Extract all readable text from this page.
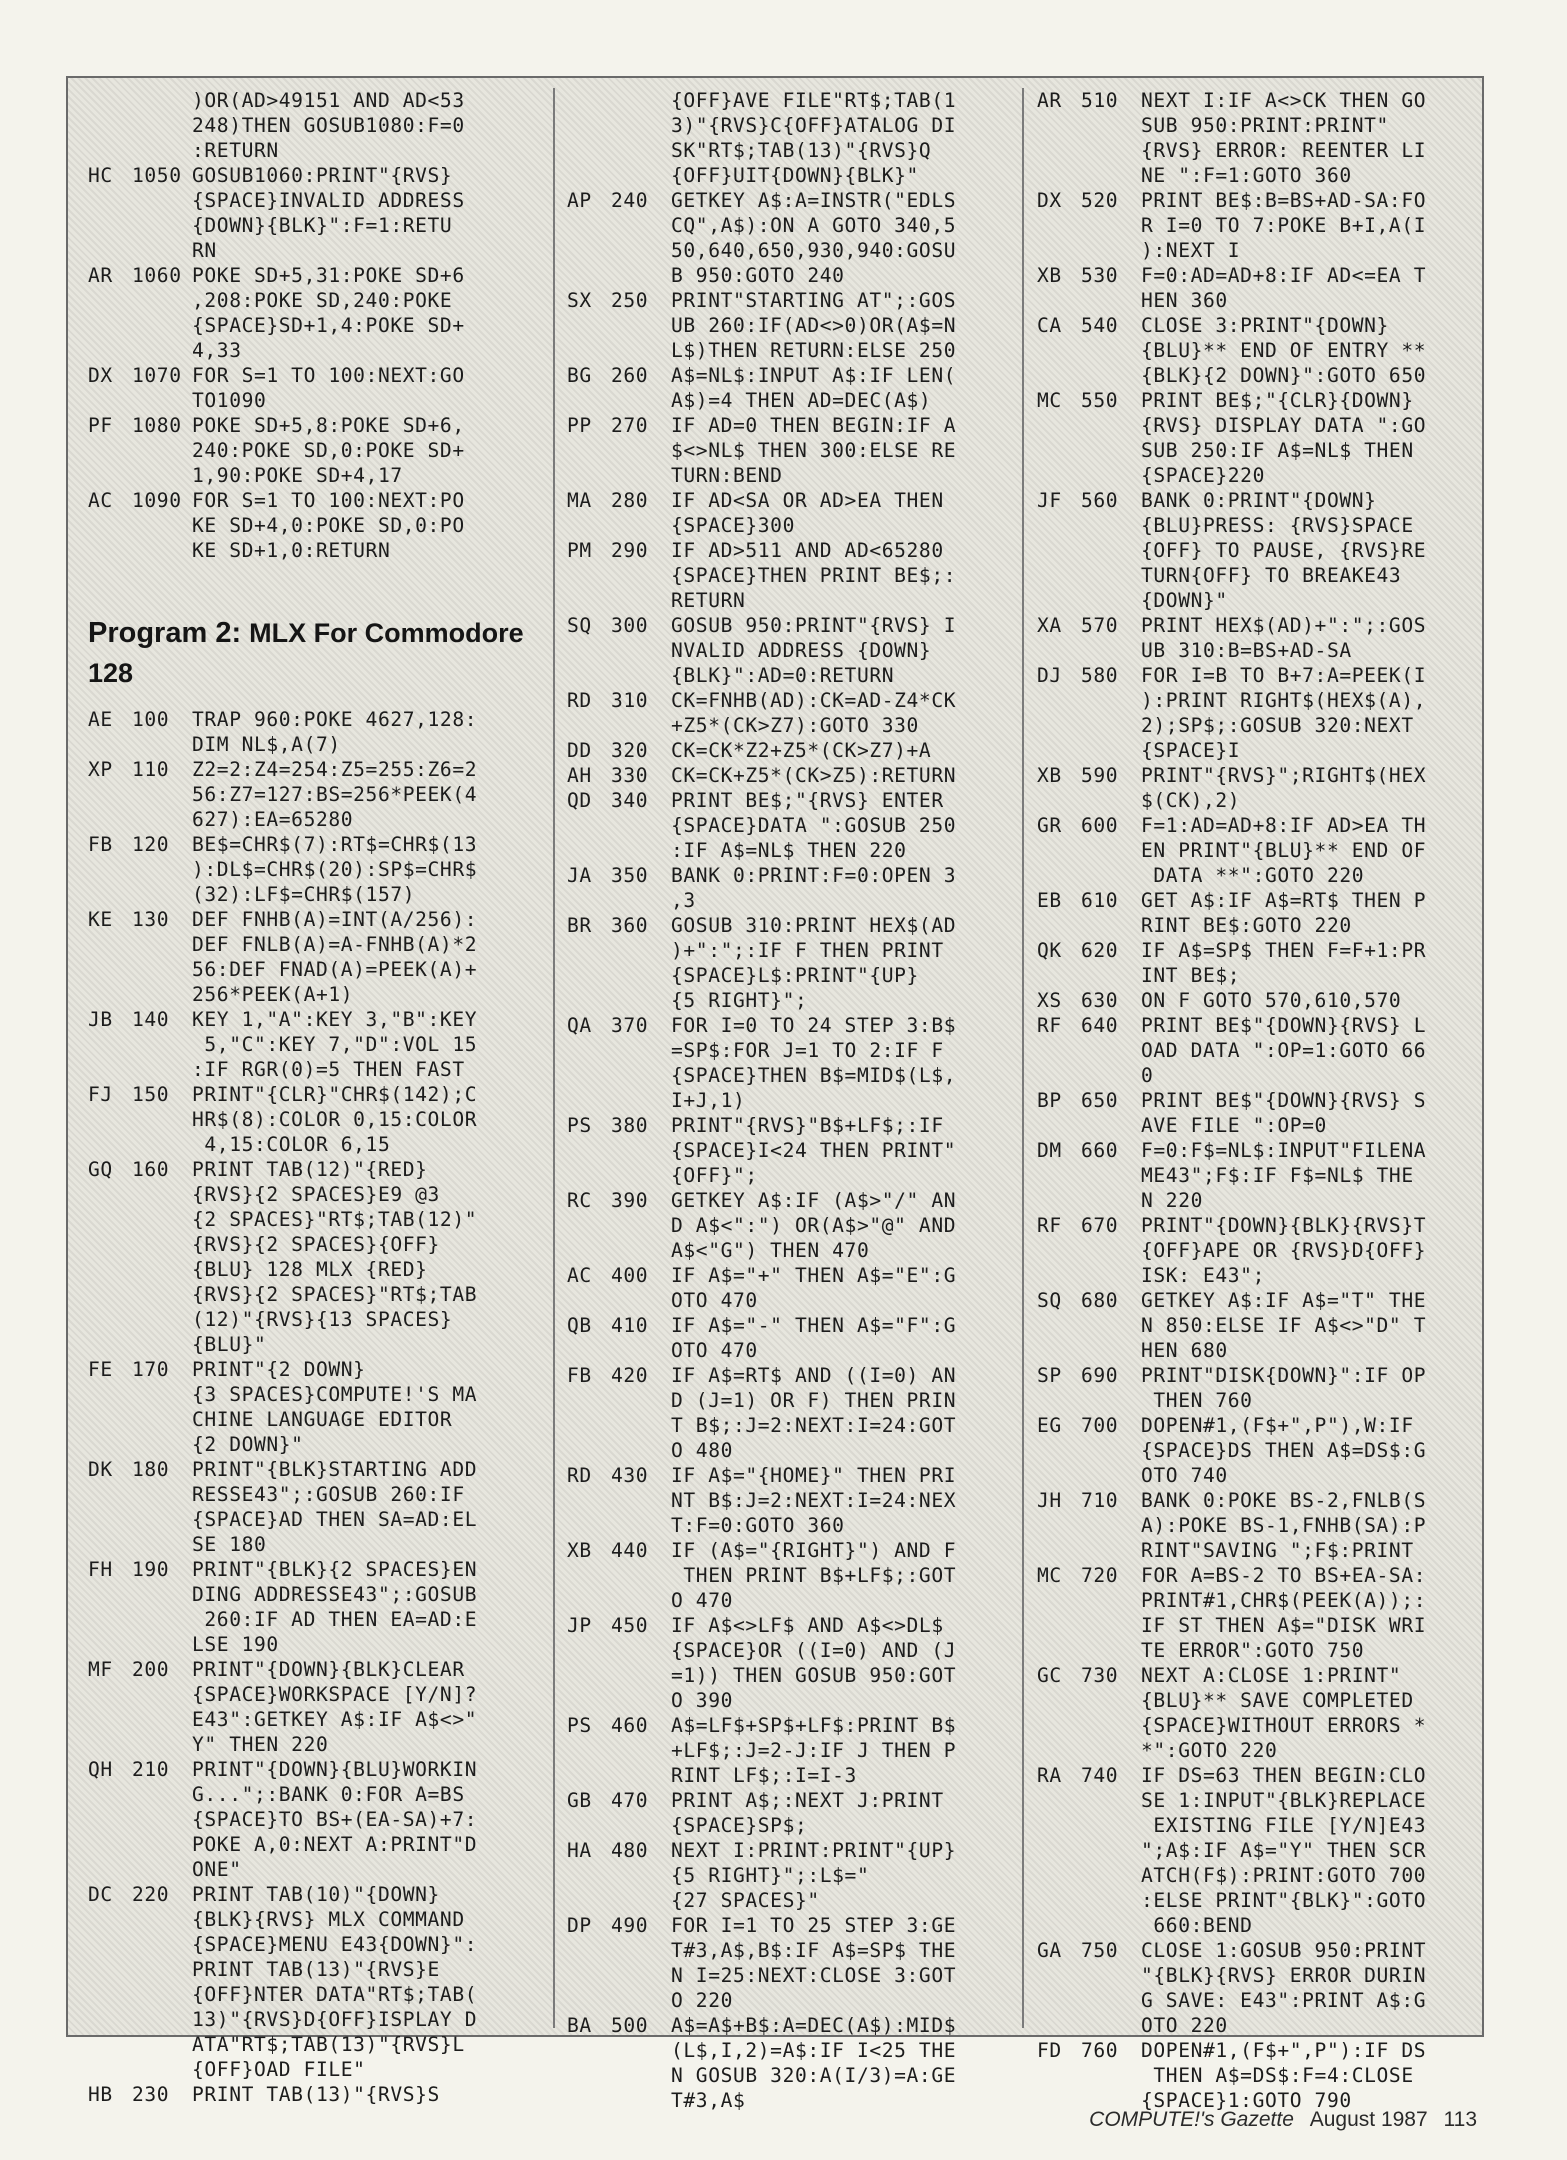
)OR(AD>49151 AND AD<53
248)THEN GOSUB1080:F=0
:RETURN
HC 1050 GOSUB1060:PRINT"{RVS}
{SPACE}INVALID ADDRESS
{DOWN}{BLK}":F=1:RETU
RN
AR 1060 POKE SD+5,31:POKE SD+6
,208:POKE SD,240:POKE
{SPACE}SD+1,4:POKE SD+
4,33
DX 1070 FOR S=1 TO 100:NEXT:GO
TO1090
PF 1080 POKE SD+5,8:POKE SD+6,
240:POKE SD,0:POKE SD+
1,90:POKE SD+4,17
AC 1090 FOR S=1 TO 100:NEXT:PO
KE SD+4,0:POKE SD,0:PO
KE SD+1,0:RETURN
Program 2: MLX For Commodore 128
AE 100	TRAP 960:POKE 4627,128:
DIM NL$,A(7)
XP 110	Z2=2:Z4=254:Z5=255:Z6=2
56:Z7=127:BS=256*PEEK(4
627):EA=65280
FB 120	BE$=CHR$(7):RT$=CHR$(13
):DL$=CHR$(20):SP$=CHR$
(32):LF$=CHR$(157)
KE 130	DEF FNHB(A)=INT(A/256):
DEF FNLB(A)=A-FNHB(A)*2
56:DEF FNAD(A)=PEEK(A)+
256*PEEK(A+1)
JB 140	KEY 1,"A":KEY 3,"B":KEY
5,"C":KEY 7,"D":VOL 15
:IF RGR(0)=5 THEN FAST
FJ 150	PRINT"{CLR}"CHR$(142);C
HR$(8):COLOR 0,15:COLOR
4,15:COLOR 6,15
GQ 160	PRINT TAB(12)"{RED}
{RVS}{2 SPACES}E9 @3
{2 SPACES}"RT$;TAB(12)"
{RVS}{2 SPACES}{OFF}
{BLU} 128 MLX {RED}
{RVS}{2 SPACES}"RT$;TAB
(12)"{RVS}{13 SPACES}
{BLU}"
FE 170	PRINT"{2 DOWN}
{3 SPACES}COMPUTE!'S MA
CHINE LANGUAGE EDITOR
{2 DOWN}"
DK 180	PRINT"{BLK}STARTING ADD
RESSE43";:GOSUB 260:IF
{SPACE}AD THEN SA=AD:EL
SE 180
FH 190	PRINT"{BLK}{2 SPACES}EN
DING ADDRESSE43";:GOSUB
260:IF AD THEN EA=AD:E
LSE 190
MF 200	PRINT"{DOWN}{BLK}CLEAR
{SPACE}WORKSPACE [Y/N]?
E43":GETKEY A$:IF A$<>"
Y" THEN 220
QH 210	PRINT"{DOWN}{BLU}WORKIN
G...";:BANK 0:FOR A=BS
{SPACE}TO BS+(EA-SA)+7:
POKE A,0:NEXT A:PRINT"D
ONE"
DC 220	PRINT TAB(10)"{DOWN}
{BLK}{RVS} MLX COMMAND
{SPACE}MENU E43{DOWN}":
PRINT TAB(13)"{RVS}E
{OFF}NTER DATA"RT$;TAB(
13)"{RVS}D{OFF}ISPLAY D
ATA"RT$;TAB(13)"{RVS}L
{OFF}OAD FILE"
HB 230	PRINT TAB(13)"{RVS}S
{OFF}AVE FILE"RT$;TAB(1
3)"{RVS}C{OFF}ATALOG DI
SK"RT$;TAB(13)"{RVS}Q
{OFF}UIT{DOWN}{BLK}"
AP 240	GETKEY A$:A=INSTR("EDLS
CQ",A$):ON A GOTO 340,5
50,640,650,930,940:GOSU
B 950:GOTO 240
SX 250	PRINT"STARTING AT";:GOS
UB 260:IF(AD<>0)OR(A$=N
L$)THEN RETURN:ELSE 250
BG 260	A$=NL$:INPUT A$:IF LEN(
A$)=4 THEN AD=DEC(A$)
PP 270	IF AD=0 THEN BEGIN:IF A
$<>NL$ THEN 300:ELSE RE
TURN:BEND
MA 280	IF AD<SA OR AD>EA THEN
{SPACE}300
PM 290	IF AD>511 AND AD<65280
{SPACE}THEN PRINT BE$;:
RETURN
SQ 300	GOSUB 950:PRINT"{RVS} I
NVALID ADDRESS {DOWN}
{BLK}":AD=0:RETURN
RD 310	CK=FNHB(AD):CK=AD-Z4*CK
+Z5*(CK>Z7):GOTO 330
DD 320	CK=CK*Z2+Z5*(CK>Z7)+A
AH 330	CK=CK+Z5*(CK>Z5):RETURN
QD 340	PRINT BE$;"{RVS} ENTER
{SPACE}DATA ":GOSUB 250
:IF A$=NL$ THEN 220
JA 350	BANK 0:PRINT:F=0:OPEN 3
,3
BR 360	GOSUB 310:PRINT HEX$(AD
)+":";:IF F THEN PRINT
{SPACE}L$:PRINT"{UP}
{5 RIGHT}";
QA 370	FOR I=0 TO 24 STEP 3:B$
=SP$:FOR J=1 TO 2:IF F
{SPACE}THEN B$=MID$(L$,
I+J,1)
PS 380	PRINT"{RVS}"B$+LF$;:IF
{SPACE}I<24 THEN PRINT"
{OFF}";
RC 390	GETKEY A$:IF (A$>"/" AN
D A$<":") OR(A$>"@" AND
A$<"G") THEN 470
AC 400	IF A$="+" THEN A$="E":G
OTO 470
QB 410	IF A$="-" THEN A$="F":G
OTO 470
FB 420	IF A$=RT$ AND ((I=0) AN
D (J=1) OR F) THEN PRIN
T B$;:J=2:NEXT:I=24:GOT
O 480
RD 430	IF A$="{HOME}" THEN PRI
NT B$:J=2:NEXT:I=24:NEX
T:F=0:GOTO 360
XB 440	IF (A$="{RIGHT}") AND F
THEN PRINT B$+LF$;:GOT
O 470
JP 450	IF A$<>LF$ AND A$<>DL$
{SPACE}OR ((I=0) AND (J
=1)) THEN GOSUB 950:GOT
O 390
PS 460	A$=LF$+SP$+LF$:PRINT B$
+LF$;:J=2-J:IF J THEN P
RINT LF$;:I=I-3
GB 470	PRINT A$;:NEXT J:PRINT
{SPACE}SP$;
HA 480	NEXT I:PRINT:PRINT"{UP}
{5 RIGHT}";:L$="
{27 SPACES}"
DP 490	FOR I=1 TO 25 STEP 3:GE
T#3,A$,B$:IF A$=SP$ THE
N I=25:NEXT:CLOSE 3:GOT
O 220
BA 500	A$=A$+B$:A=DEC(A$):MID$
(L$,I,2)=A$:IF I<25 THE
N GOSUB 320:A(I/3)=A:GE
T#3,A$
AR 510	NEXT I:IF A<>CK THEN GO
SUB 950:PRINT:PRINT"
{RVS} ERROR: REENTER LI
NE ":F=1:GOTO 360
DX 520	PRINT BE$:B=BS+AD-SA:FO
R I=0 TO 7:POKE B+I,A(I
):NEXT I
XB 530	F=0:AD=AD+8:IF AD<=EA T
HEN 360
CA 540	CLOSE 3:PRINT"{DOWN}
{BLU}** END OF ENTRY **
{BLK}{2 DOWN}":GOTO 650
MC 550	PRINT BE$;"{CLR}{DOWN}
{RVS} DISPLAY DATA ":GO
SUB 250:IF A$=NL$ THEN
{SPACE}220
JF 560	BANK 0:PRINT"{DOWN}
{BLU}PRESS: {RVS}SPACE
{OFF} TO PAUSE, {RVS}RE
TURN{OFF} TO BREAKE43
{DOWN}"
XA 570	PRINT HEX$(AD)+":";:GOS
UB 310:B=BS+AD-SA
DJ 580	FOR I=B TO B+7:A=PEEK(I
):PRINT RIGHT$(HEX$(A),
2);SP$;:GOSUB 320:NEXT
{SPACE}I
XB 590	PRINT"{RVS}";RIGHT$(HEX
$(CK),2)
GR 600	F=1:AD=AD+8:IF AD>EA TH
EN PRINT"{BLU}** END OF
DATA **":GOTO 220
EB 610	GET A$:IF A$=RT$ THEN P
RINT BE$:GOTO 220
QK 620	IF A$=SP$ THEN F=F+1:PR
INT BE$;
XS 630	ON F GOTO 570,610,570
RF 640	PRINT BE$"{DOWN}{RVS} L
OAD DATA ":OP=1:GOTO 66
0
BP 650	PRINT BE$"{DOWN}{RVS} S
AVE FILE ":OP=0
DM 660	F=0:F$=NL$:INPUT"FILENA
ME43";F$:IF F$=NL$ THE
N 220
RF 670	PRINT"{DOWN}{BLK}{RVS}T
{OFF}APE OR {RVS}D{OFF}
ISK: E43";
SQ 680	GETKEY A$:IF A$="T" THE
N 850:ELSE IF A$<>"D" T
HEN 680
SP 690	PRINT"DISK{DOWN}":IF OP
THEN 760
EG 700	DOPEN#1,(F$+",P"),W:IF
{SPACE}DS THEN A$=DS$:G
OTO 740
JH 710	BANK 0:POKE BS-2,FNLB(S
A):POKE BS-1,FNHB(SA):P
RINT"SAVING ";F$:PRINT
MC 720	FOR A=BS-2 TO BS+EA-SA:
PRINT#1,CHR$(PEEK(A));:
IF ST THEN A$="DISK WRI
TE ERROR":GOTO 750
GC 730	NEXT A:CLOSE 1:PRINT"
{BLU}** SAVE COMPLETED
{SPACE}WITHOUT ERRORS *
*":GOTO 220
RA 740	IF DS=63 THEN BEGIN:CLO
SE 1:INPUT"{BLK}REPLACE
EXISTING FILE [Y/N]E43
";A$:IF A$="Y" THEN SCR
ATCH(F$):PRINT:GOTO 700
:ELSE PRINT"{BLK}":GOTO
660:BEND
GA 750	CLOSE 1:GOSUB 950:PRINT
"{BLK}{RVS} ERROR DURIN
G SAVE: E43":PRINT A$:G
OTO 220
FD 760	DOPEN#1,(F$+",P"):IF DS
THEN A$=DS$:F=4:CLOSE
{SPACE}1:GOTO 790
COMPUTE!'s Gazette August 1987 113
